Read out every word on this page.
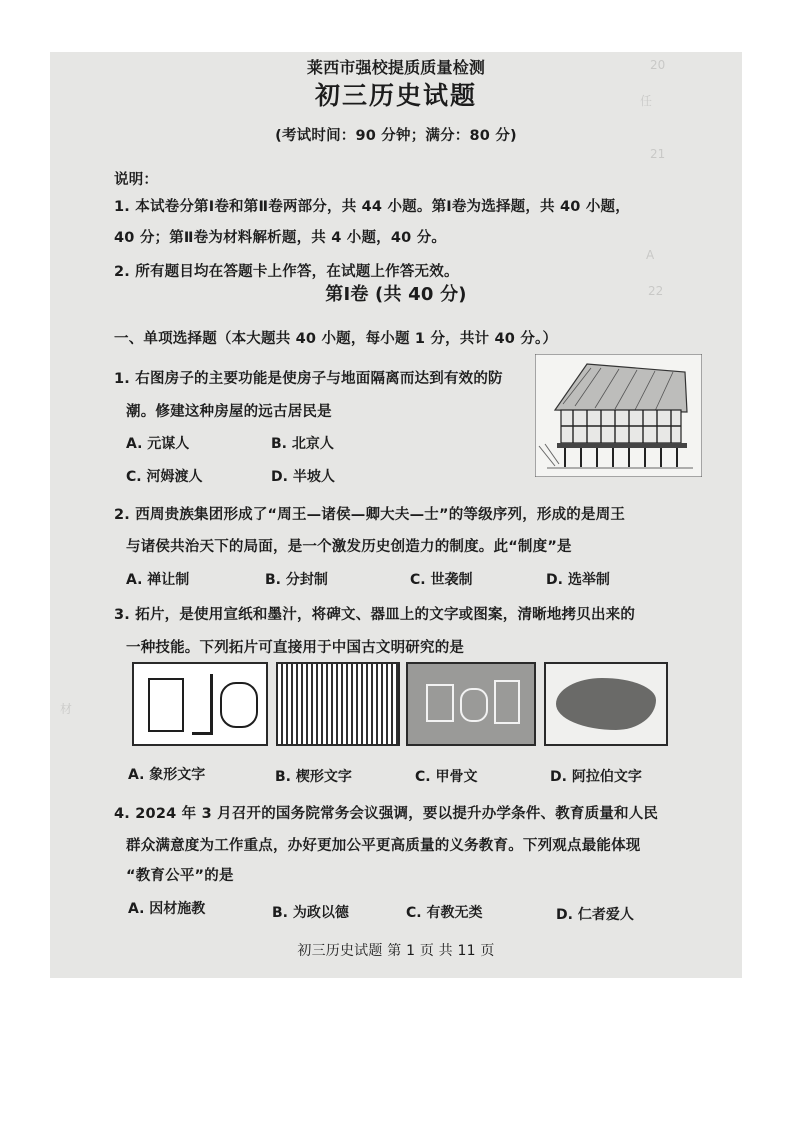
20
任
21
A
22
材
莱西市强校提质质量检测
初三历史试题
(考试时间：90 分钟；满分：80 分)
说明：
1. 本试卷分第Ⅰ卷和第Ⅱ卷两部分，共 44 小题。第Ⅰ卷为选择题，共 40 小题，
40 分；第Ⅱ卷为材料解析题，共 4 小题，40 分。
2. 所有题目均在答题卡上作答，在试题上作答无效。
第Ⅰ卷 (共 40 分)
一、单项选择题（本大题共 40 小题，每小题 1 分，共计 40 分。）
1. 右图房子的主要功能是使房子与地面隔离而达到有效的防
潮。修建这种房屋的远古居民是
A. 元谋人	B. 北京人
C. 河姆渡人	D. 半坡人
2. 西周贵族集团形成了“周王—诸侯—卿大夫—士”的等级序列，形成的是周王
与诸侯共治天下的局面，是一个激发历史创造力的制度。此“制度”是
A. 禅让制	B. 分封制	C. 世袭制	D. 选举制
3. 拓片，是使用宣纸和墨汁，将碑文、器皿上的文字或图案，清晰地拷贝出来的
一种技能。下列拓片可直接用于中国古文明研究的是
A. 象形文字	B. 楔形文字	C. 甲骨文	D. 阿拉伯文字
4. 2024 年 3 月召开的国务院常务会议强调，要以提升办学条件、教育质量和人民
群众满意度为工作重点，办好更加公平更高质量的义务教育。下列观点最能体现
“教育公平”的是
A. 因材施教	B. 为政以德	C. 有教无类	D. 仁者爱人
初三历史试题 第 1 页 共 11 页
